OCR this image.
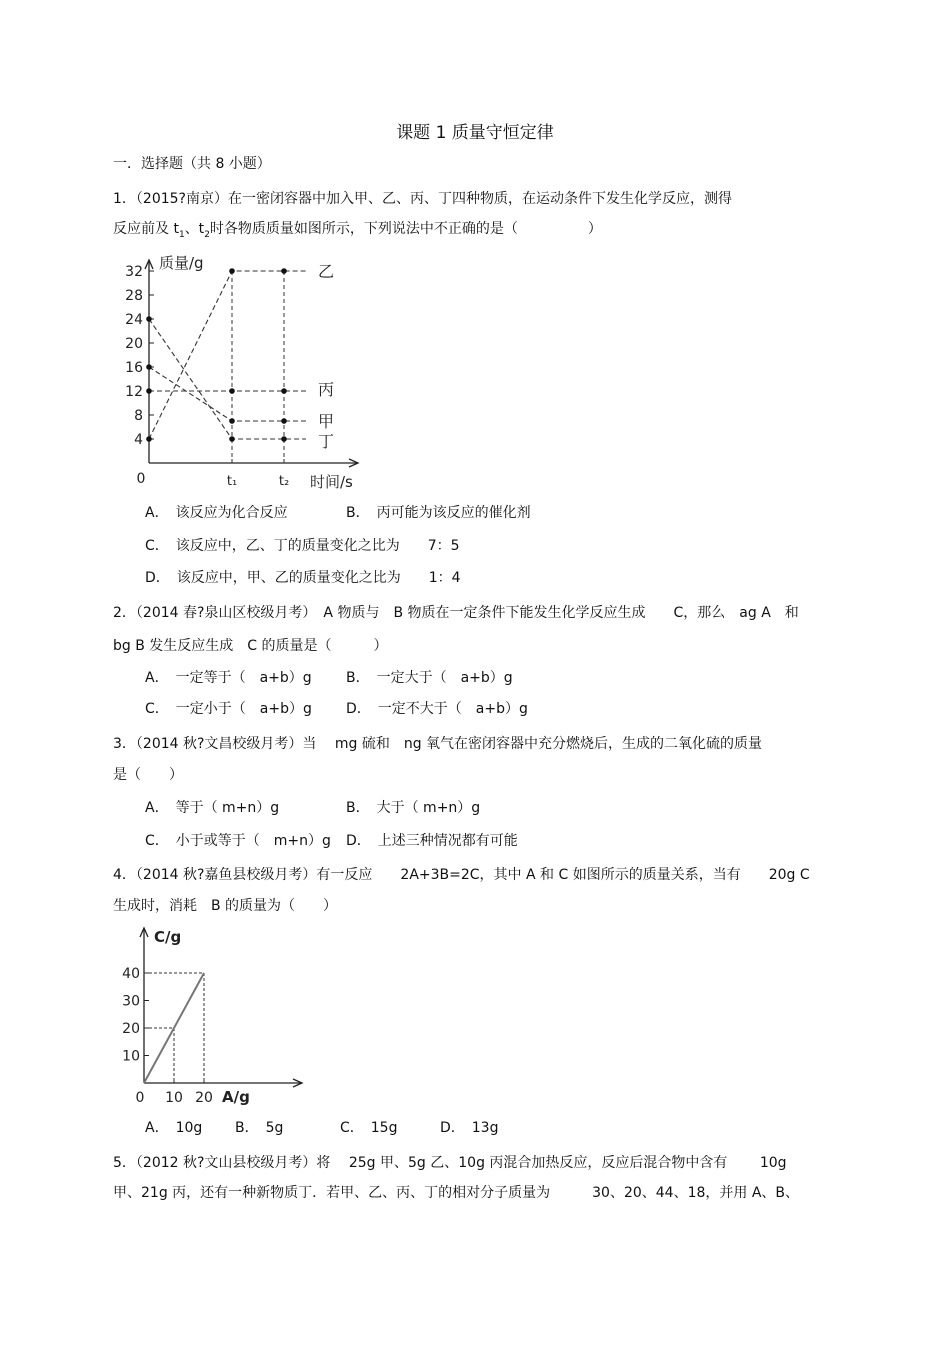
课题 1 质量守恒定律
一．选择题（共 8 小题）
1．（2015?南京）在一密闭容器中加入甲、乙、丙、丁四种物质，在运动条件下发生化学反应，测得
反应前及 $t_1$、$t_2$时各物质质量如图所示，下列说法中不正确的是（　　　　　）
4
8
12
16
20
24
28
32
t₁	t₂
0
质量/g
时间/s
乙
丙
甲
丁
A．　该反应为化合反应	B．　丙可能为该反应的催化剂
C．　该反应中，乙、丁的质量变化之比为　　7：5
D．　该反应中，甲、乙的质量变化之比为　　1：4
2．（2014 春?泉山区校级月考）　A 物质与　B 物质在一定条件下能发生化学反应生成　　C，那么　ag A　和
bg B 发生反应生成　C 的质量是（　　　）
A．　一定等于（　a+b）g B．　一定大于（　a+b）g
C．　一定小于（　a+b）g D．　一定不大于（　a+b）g
3．（2014 秋?文昌校级月考）当　 mg 硫和　ng 氧气在密闭容器中充分燃烧后，生成的二氧化硫的质量
是（　　）
A．　等于（ m+n）g	B．　大于（ m+n）g
C．　小于或等于（　m+n）g D．　上述三种情况都有可能
4．（2014 秋?嘉鱼县校级月考）有一反应　　2A+3B=2C，其中 A 和 C 如图所示的质量关系，当有　　20g C
生成时，消耗　B 的质量为（　　）
10
20
30
40
10 20
0
C/g
A/g
A．　10g B．　5g	C．　15g	D．　13g
5．（2012 秋?文山县校级月考）将　 25g 甲、5g 乙、10g 丙混合加热反应，反应后混合物中含有　　 10g
甲、21g 丙，还有一种新物质丁．若甲、乙、丙、丁的相对分子质量为　　　30、20、44、18，并用 A、B、
